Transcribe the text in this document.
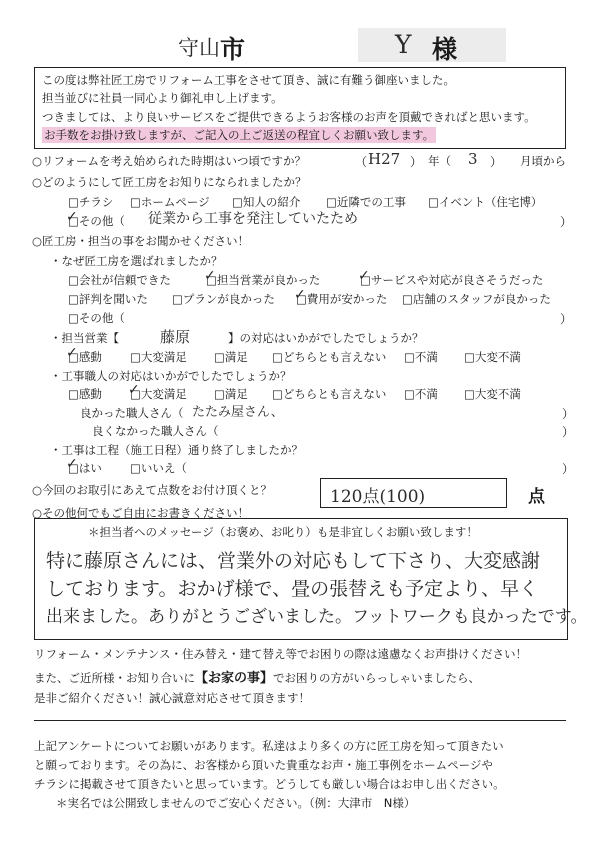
守山 市	Y 様
この度は弊社匠工房でリフォーム工事をさせて頂き、誠に有難う御座いました。
担当並びに社員一同心より御礼申し上げます。
つきましては、より良いサービスをご提供できるようお客様のお声を頂戴できればと思います。
お手数をお掛け致しますが、ご記入の上ご返送の程宜しくお願い致します。
○リフォームを考え始められた時期はいつ頃ですか？	（ H27 ） 年（ 3 ） 月頃から
○どのようにして匠工房をお知りになられましたか？
□チラシ □ホームページ □知人の紹介 □近隣での工事 □イベント（住宅博）
□その他（ 従業から工事を発注していたため	）
○匠工房・担当の事をお聞かせください！
・なぜ匠工房を選ばれましたか？
□会社が信頼できた	□担当営業が良かった	□サービスや対応が良さそうだった
□評判を聞いた □プランが良かった □費用が安かった □店舗のスタッフが良かった
□その他（	）
・担当営業【	藤原	】の対応はいかがでしたでしょうか？
□感動 □大変満足 □満足 □どちらとも言えない □不満 □大変不満
・工事職人の対応はいかがでしたでしょうか？
□感動 □大変満足 □満足 □どちらとも言えない □不満 □大変不満
良かった職人さん（ たたみ屋さん、	）
良くなかった職人さん（	）
・工事は工程（施工日程）通り終了しましたか？
□はい □いいえ（	）
○今回のお取引にあえて点数をお付け頂くと？	120点(100)	点
○その他何でもご自由にお書きください！
＊担当者へのメッセージ（お褒め、お叱り）も是非宜しくお願い致します！
特に藤原さんには、営業外の対応もして下さり、大変感謝
しております。おかげ様で、畳の張替えも予定より、早く
出来ました。ありがとうございました。フットワークも良かったです。
リフォーム・メンテナンス・住み替え・建て替え等でお困りの際は遠慮なくお声掛けください！
また、ご近所様・お知り合いに【お家の事】でお困りの方がいらっしゃいましたら、
是非ご紹介ください！誠心誠意対応させて頂きます！
上記アンケートについてお願いがあります。私達はより多くの方に匠工房を知って頂きたい
と願っております。その為に、お客様から頂いた貴重なお声・施工事例をホームページや
チラシに掲載させて頂きたいと思っています。どうしても厳しい場合はお申し出ください。
＊実名では公開致しませんのでご安心ください。（例：大津市　N様）
